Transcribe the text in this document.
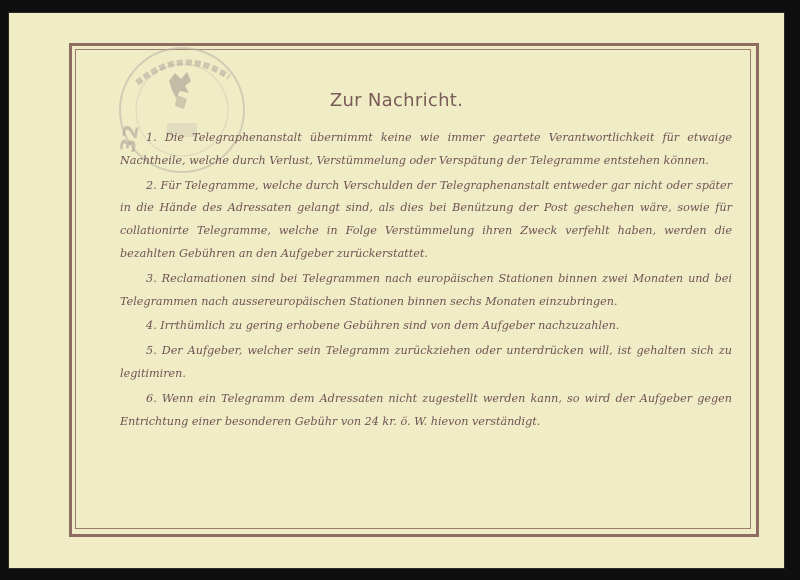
32
Zur Nachricht.

1. Die Telegraphenanstalt übernimmt keine wie immer geartete Verantwortlichkeit für etwaige Nachtheile, welche durch Verlust, Verstümmelung oder Verspätung der Telegramme entstehen können.

2. Für Telegramme, welche durch Verschulden der Telegraphenanstalt entweder gar nicht oder später in die Hände des Adressaten gelangt sind, als dies bei Benützung der Post geschehen wäre, sowie für collationirte Telegramme, welche in Folge Verstümmelung ihren Zweck verfehlt haben, werden die bezahlten Gebühren an den Aufgeber zurückerstattet.

3. Reclamationen sind bei Telegrammen nach europäischen Stationen binnen zwei Monaten und bei Telegrammen nach aussereuropäischen Stationen binnen sechs Monaten einzubringen.

4. Irrthümlich zu gering erhobene Gebühren sind von dem Aufgeber nachzuzahlen.

5. Der Aufgeber, welcher sein Telegramm zurückziehen oder unterdrücken will, ist gehalten sich zu legitimiren.

6. Wenn ein Telegramm dem Adressaten nicht zugestellt werden kann, so wird der Aufgeber gegen Entrichtung einer besonderen Gebühr von 24 kr. ö. W. hievon verständigt.
